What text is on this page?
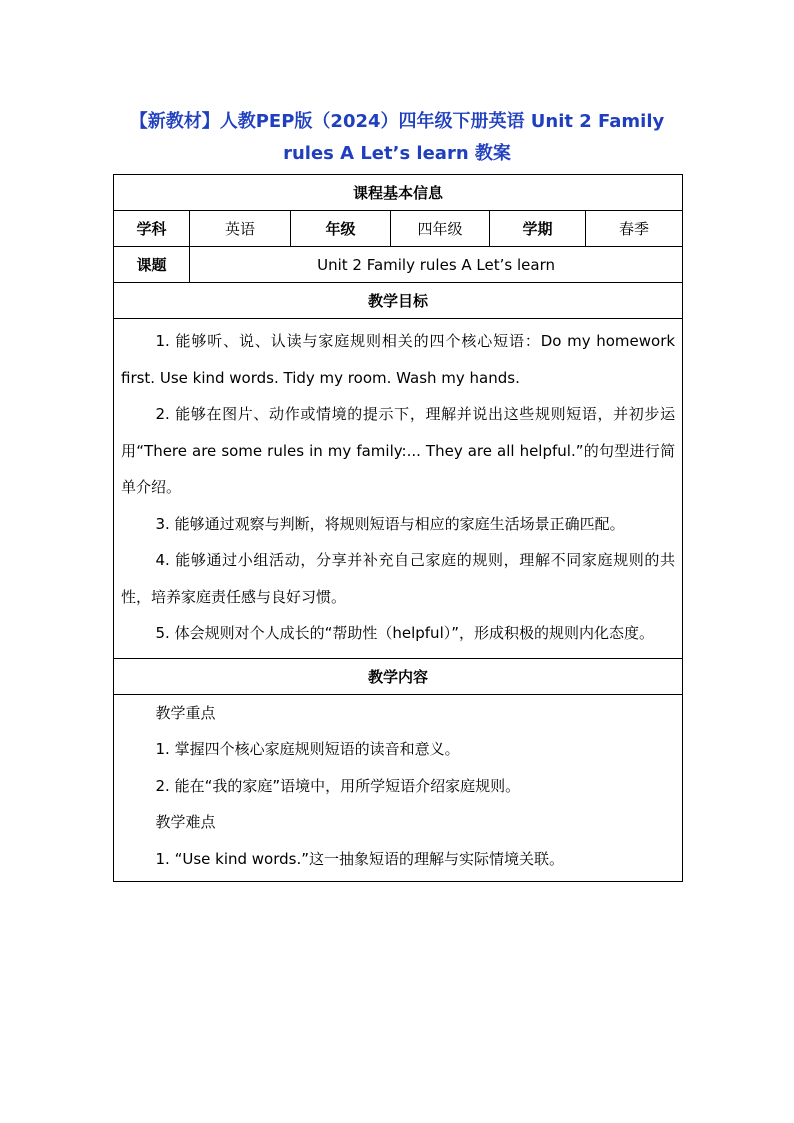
【新教材】人教PEP版（2024）四年级下册英语 Unit 2 Family
rules A Let’s learn 教案
课程基本信息					
学科	英语	年级	四年级	学期	春季
课题	Unit 2 Family rules A Let’s learn				
教学目标					

1. 能够听、说、认读与家庭规则相关的四个核心短语：Do my homework first. Use kind words. Tidy my room. Wash my hands.

2. 能够在图片、动作或情境的提示下，理解并说出这些规则短语，并初步运用“There are some rules in my family:... They are all helpful.”的句型进行简单介绍。

3. 能够通过观察与判断，将规则短语与相应的家庭生活场景正确匹配。

4. 能够通过小组活动，分享并补充自己家庭的规则，理解不同家庭规则的共性，培养家庭责任感与良好习惯。

5. 体会规则对个人成长的“帮助性（helpful）”，形成积极的规则内化态度。					

教学内容					

教学重点

1. 掌握四个核心家庭规则短语的读音和意义。

2. 能在“我的家庭”语境中，用所学短语介绍家庭规则。

教学难点

1. “Use kind words.”这一抽象短语的理解与实际情境关联。					
